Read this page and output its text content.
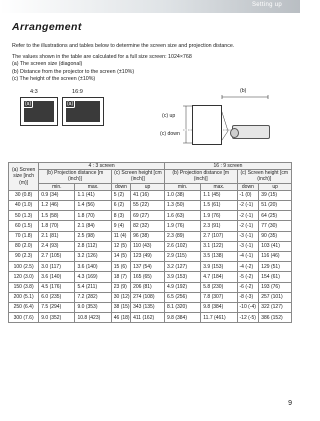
Setting up
Arrangement

Refer to the illustrations and tables below to determine the screen size and projection distance.

The values shown in the table are calculated for a full size screen: 1024×768

(a) The screen size (diagonal)

(b) Distance from the projector to the screen (±10%)

(c) The height of the screen (±10%)

4:3	16:9
(a)	(a)
(b)
(c) up
(c) down
(a) Screen size [inch (m)]	4 : 3 screen				16 : 9 screen			
	(b) Projection distance [m (inch)]		(c) Screen height [cm (inch)]		(b) Projection distance [m (inch)]		(c) Screen height [cm (inch)]	
	min.	max.	down	up	min.	max.	down	up
30 (0.8)	0.9 (34)	1.1 (41)	5 (2)	41 (16)	1.0 (38)	1.1 (45)	-1 (0)	39 (15)
40 (1.0)	1.2 (46)	1.4 (56)	6 (2)	55 (22)	1.3 (50)	1.5 (61)	-2 (-1)	51 (20)
50 (1.3)	1.5 (58)	1.8 (70)	8 (3)	69 (27)	1.6 (63)	1.9 (76)	-2 (-1)	64 (25)
60 (1.5)	1.8 (70)	2.1 (84)	9 (4)	82 (32)	1.9 (76)	2.3 (91)	-2 (-1)	77 (30)
70 (1.8)	2.1 (81)	2.5 (98)	11 (4)	96 (38)	2.3 (89)	2.7 (107)	-3 (-1)	90 (35)
80 (2.0)	2.4 (93)	2.8 (112)	12 (5)	110 (43)	2.6 (102)	3.1 (122)	-3 (-1)	103 (41)
90 (2.3)	2.7 (105)	3.2 (126)	14 (5)	123 (49)	2.9 (115)	3.5 (138)	-4 (-1)	116 (46)
100 (2.5)	3.0 (117)	3.6 (140)	15 (6)	137 (54)	3.2 (127)	3.9 (153)	-4 (-2)	129 (51)
120 (3.0)	3.6 (140)	4.3 (169)	18 (7)	165 (65)	3.9 (153)	4.7 (184)	-5 (-2)	154 (61)
150 (3.8)	4.5 (176)	5.4 (211)	23 (9)	206 (81)	4.9 (192)	5.8 (230)	-6 (-2)	193 (76)
200 (5.1)	6.0 (235)	7.2 (282)	30 (12)	274 (108)	6.5 (256)	7.8 (307)	-8 (-3)	257 (101)
250 (6.4)	7.5 (294)	9.0 (353)	38 (15)	343 (135)	8.1 (320)	9.8 (384)	-10 (-4)	322 (127)
300 (7.6)	9.0 (352)	10.8 (423)	46 (18)	411 (162)	9.8 (384)	11.7 (461)	-12 (-5)	386 (152)
9
